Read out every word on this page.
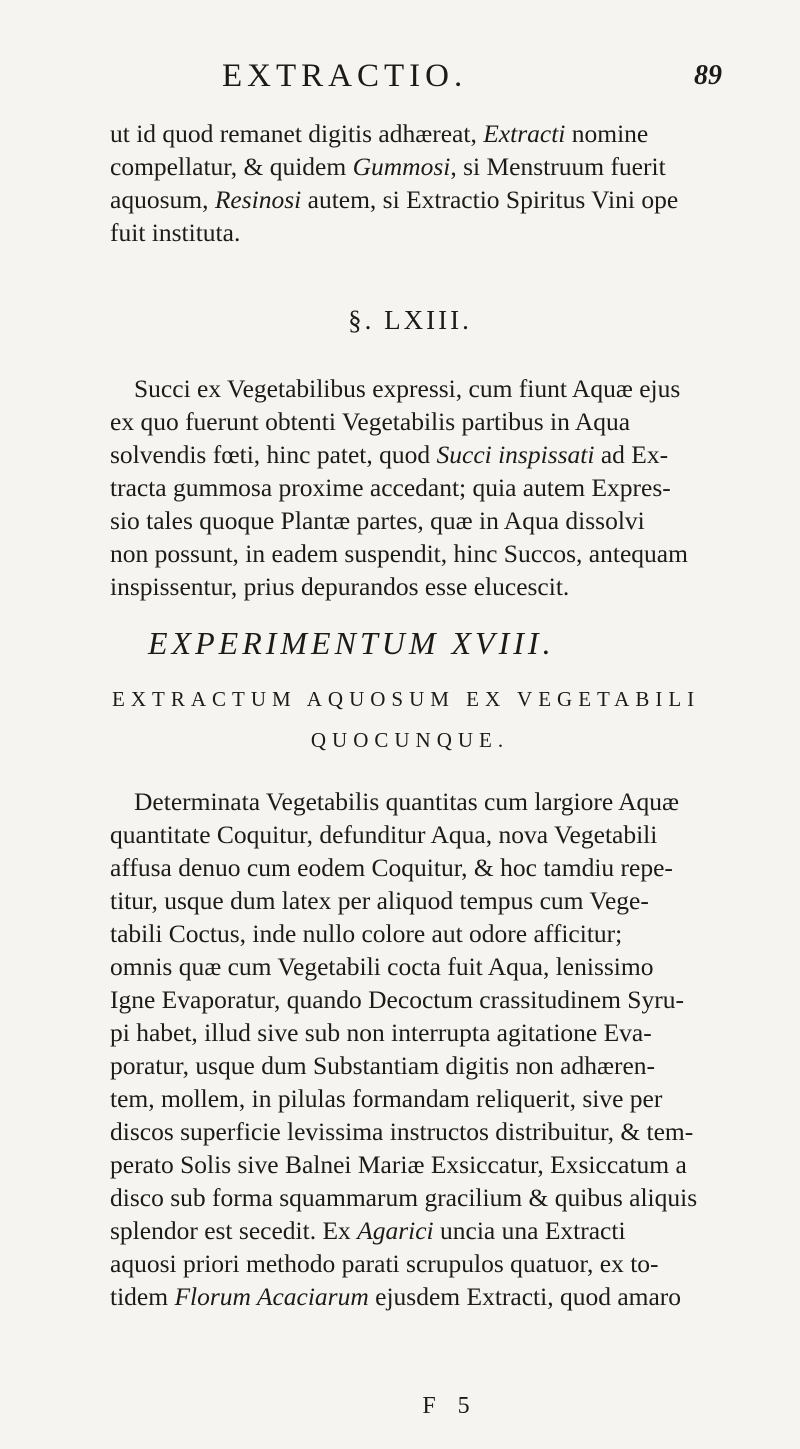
EXTRACTIO.	89
ut id quod remanet digitis adhæreat, Extracti nomine
compellatur, & quidem Gummosi, si Menstruum fuerit
aquosum, Resinosi autem, si Extractio Spiritus Vini ope
fuit instituta.
§. LXIII.
Succi ex Vegetabilibus expressi, cum fiunt Aquæ ejus
ex quo fuerunt obtenti Vegetabilis partibus in Aqua
solvendis fœti, hinc patet, quod Succi inspissati ad Ex-
tracta gummosa proxime accedant; quia autem Expres-
sio tales quoque Plantæ partes, quæ in Aqua dissolvi
non possunt, in eadem suspendit, hinc Succos, antequam
inspissentur, prius depurandos esse elucescit.
EXPERIMENTUM XVIII.
EXTRACTUM AQUOSUM EX VEGETABILI
QUOCUNQUE.
Determinata Vegetabilis quantitas cum largiore Aquæ
quantitate Coquitur, defunditur Aqua, nova Vegetabili
affusa denuo cum eodem Coquitur, & hoc tamdiu repe-
titur, usque dum latex per aliquod tempus cum Vege-
tabili Coctus, inde nullo colore aut odore afficitur;
omnis quæ cum Vegetabili cocta fuit Aqua, lenissimo
Igne Evaporatur, quando Decoctum crassitudinem Syru-
pi habet, illud sive sub non interrupta agitatione Eva-
poratur, usque dum Substantiam digitis non adhæren-
tem, mollem, in pilulas formandam reliquerit, sive per
discos superficie levissima instructos distribuitur, & tem-
perato Solis sive Balnei Mariæ Exsiccatur, Exsiccatum a
disco sub forma squammarum gracilium & quibus aliquis
splendor est secedit. Ex Agarici uncia una Extracti
aquosi priori methodo parati scrupulos quatuor, ex to-
tidem Florum Acaciarum ejusdem Extracti, quod amaro
F 5
